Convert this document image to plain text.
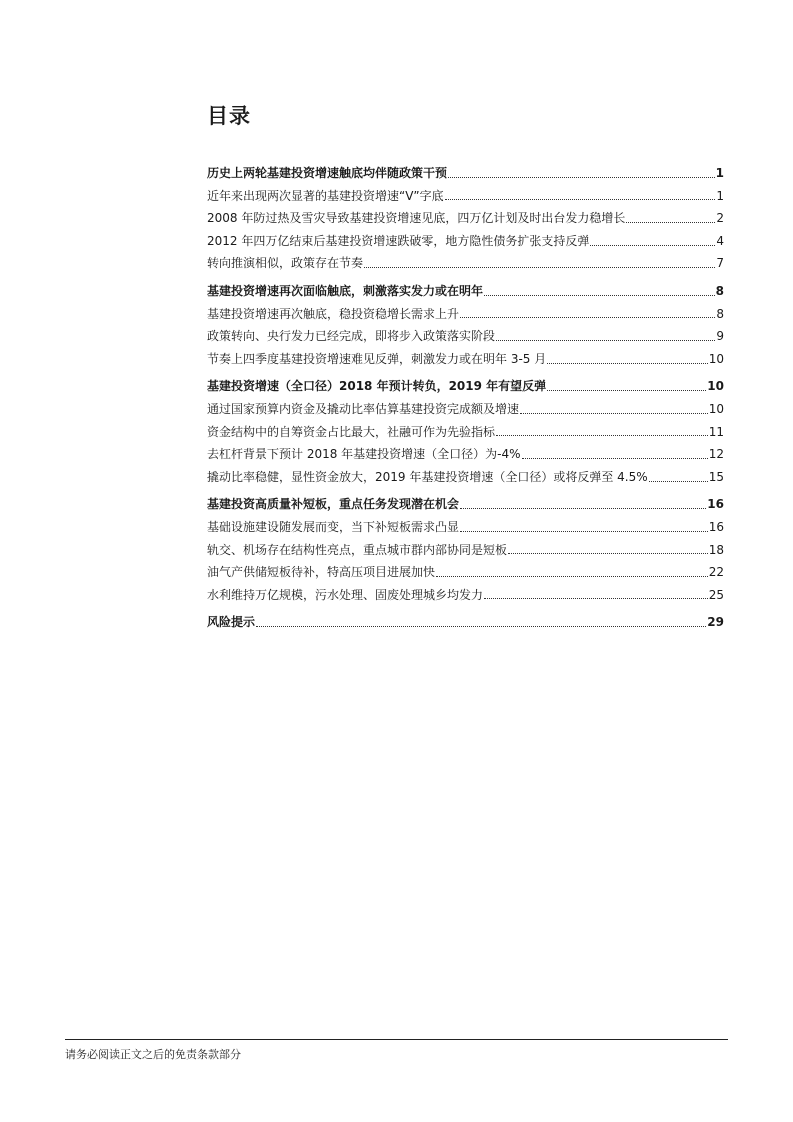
目录
历史上两轮基建投资增速触底均伴随政策干预	1
近年来出现两次显著的基建投资增速“V”字底	1
2008 年防过热及雪灾导致基建投资增速见底，四万亿计划及时出台发力稳增长	2
2012 年四万亿结束后基建投资增速跌破零，地方隐性债务扩张支持反弹	4
转向推演相似，政策存在节奏	7
基建投资增速再次面临触底，刺激落实发力或在明年	8
基建投资增速再次触底，稳投资稳增长需求上升	8
政策转向、央行发力已经完成，即将步入政策落实阶段	9
节奏上四季度基建投资增速难见反弹，刺激发力或在明年 3-5 月	10
基建投资增速（全口径）2018 年预计转负，2019 年有望反弹	10
通过国家预算内资金及撬动比率估算基建投资完成额及增速	10
资金结构中的自筹资金占比最大，社融可作为先验指标	11
去杠杆背景下预计 2018 年基建投资增速（全口径）为-4%	12
撬动比率稳健，显性资金放大，2019 年基建投资增速（全口径）或将反弹至 4.5%	15
基建投资高质量补短板，重点任务发现潜在机会	16
基础设施建设随发展而变，当下补短板需求凸显	16
轨交、机场存在结构性亮点，重点城市群内部协同是短板	18
油气产供储短板待补，特高压项目进展加快	22
水利维持万亿规模，污水处理、固废处理城乡均发力	25
风险提示	29
请务必阅读正文之后的免责条款部分
